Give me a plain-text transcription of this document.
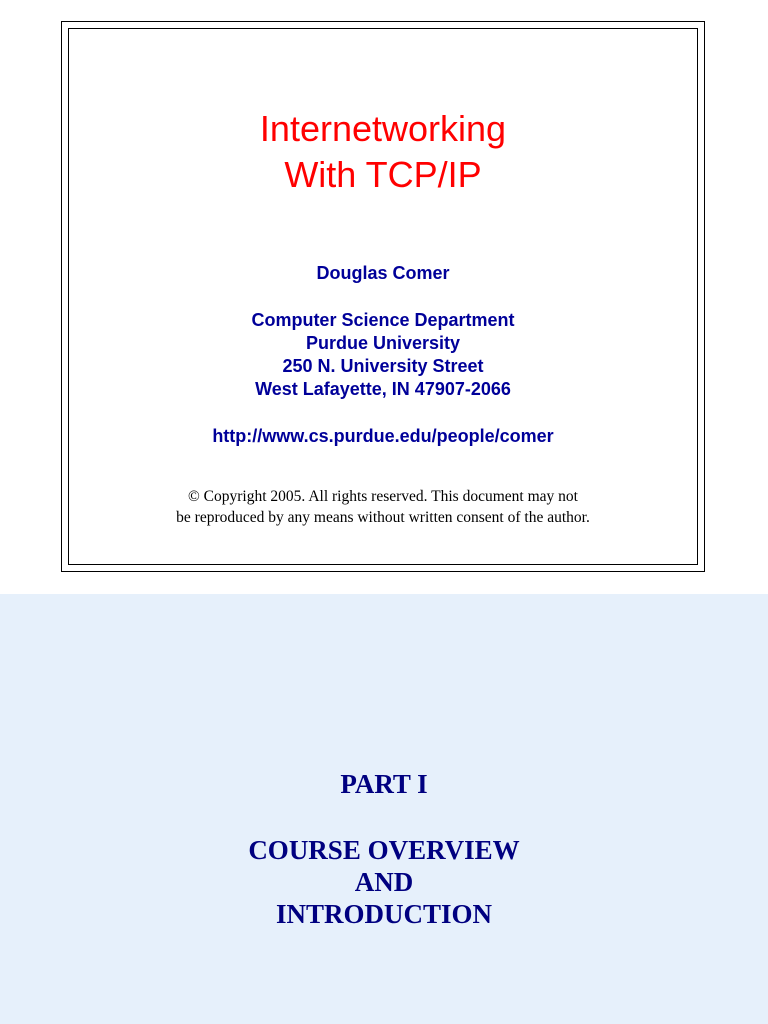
Internetworking
With TCP/IP
Douglas Comer
Computer Science Department
Purdue University
250 N. University Street
West Lafayette, IN 47907-2066
http://www.cs.purdue.edu/people/comer
© Copyright 2005. All rights reserved. This document may not
be reproduced by any means without written consent of the author.
PART I
COURSE OVERVIEW
AND
INTRODUCTION
